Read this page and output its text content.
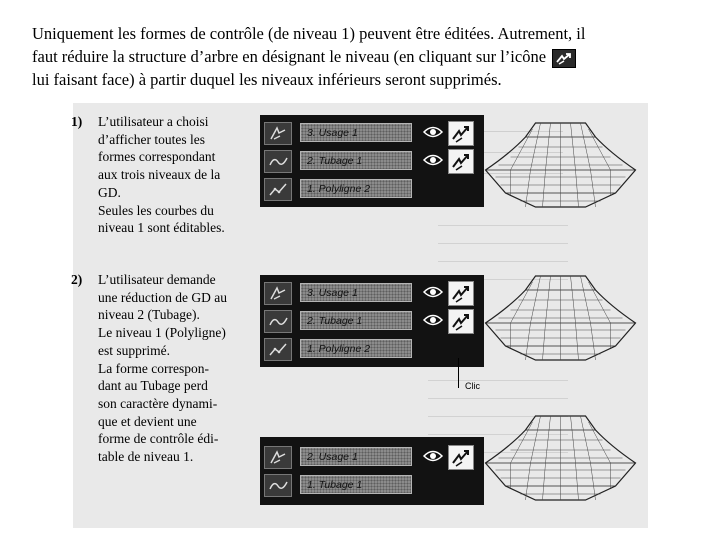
Uniquement les formes de contrôle (de niveau 1) peuvent être éditées. Autrement, il
faut réduire la structure d’arbre en désignant le niveau (en cliquant sur l’icône
lui faisant face) à partir duquel les niveaux inférieurs seront supprimés.
1) L’utilisateur a choisi
d’afficher toutes les
formes correspondant
aux trois niveaux de la
GD.
Seules les courbes du
niveau 1 sont éditables.
2) L’utilisateur demande
une réduction de GD au
niveau 2 (Tubage).
Le niveau 1 (Polyligne)
est supprimé.
La forme correspon-
dant au Tubage perd
son caractère dynami-
que et devient une
forme de contrôle édi-
table de niveau 1.
3. Usage 1
2. Tubage 1
1. Polyligne 2
3. Usage 1
2. Tubage 1
1. Polyligne 2
Clic
2. Usage 1
1. Tubage 1
